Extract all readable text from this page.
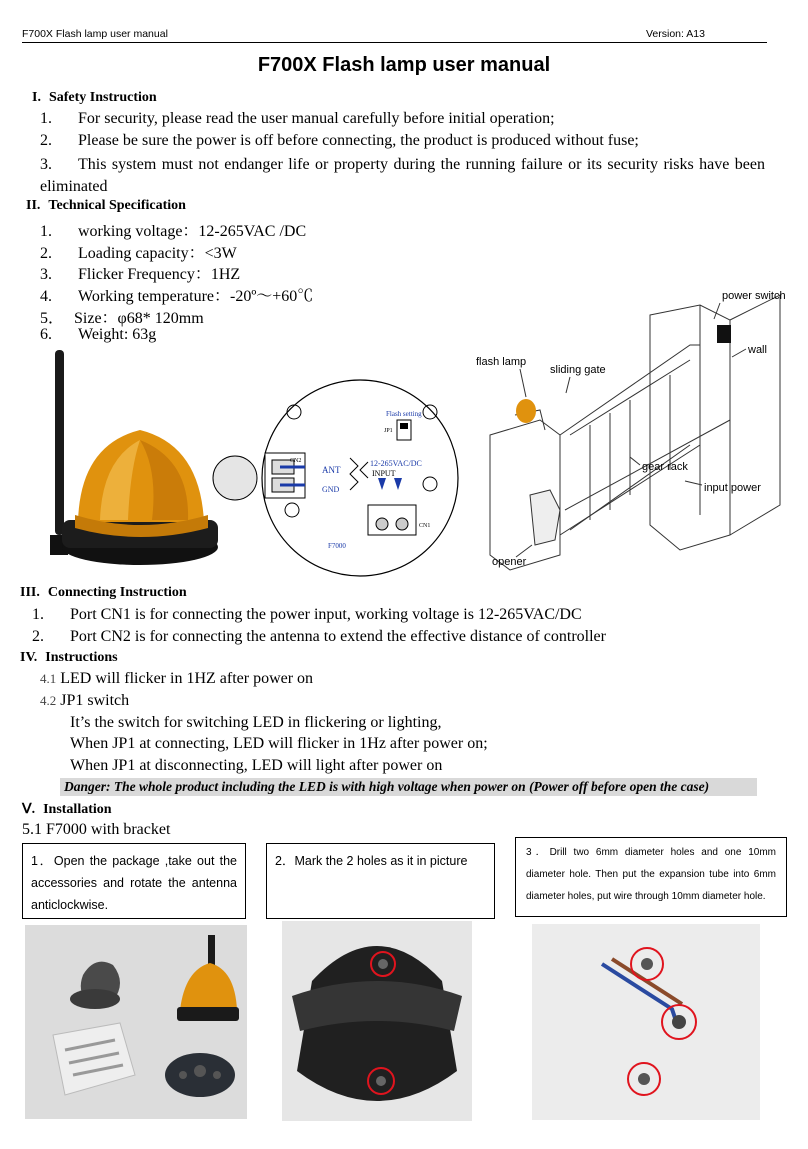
F700X Flash lamp user manual	Version: A13
F700X Flash lamp user manual
I. Safety Instruction
1. For security, please read the user manual carefully before initial operation;
2. Please be sure the power is off before connecting, the product is produced without fuse;
3. This system must not endanger life or property during the running failure or its security risks have been eliminated
II. Technical Specification
1. working voltage：12-265VAC /DC
2. Loading capacity：<3W
3. Flicker Frequency：1HZ
4. Working temperature：-20º～+60℃
5． Size：φ68* 120mm
6. Weight: 63g
Flash setting
JP1
CN2
ANT
GND
12-265VAC/DC
INPUT
CN1
F7000
power switch
wall
flash lamp
sliding gate
gear rack
input power
opener
III. Connecting Instruction
1. Port CN1 is for connecting the power input, working voltage is 12-265VAC/DC
2. Port CN2 is for connecting the antenna to extend the effective distance of controller
IV. Instructions
4.1 LED will flicker in 1HZ after power on
4.2 JP1 switch
It’s the switch for switching LED in flickering or lighting,
When JP1 at connecting, LED will flicker in 1Hz after power on;
When JP1 at disconnecting, LED will light after power on
Danger: The whole product including the LED is with high voltage when power on (Power off before open the case)
Ⅴ. Installation
5.1 F7000 with bracket
1．Open the package ,take out the accessories and rotate the antenna anticlockwise.
2．Mark the 2 holes as it in picture
3．Drill two 6mm diameter holes and one 10mm diameter hole. Then put the expansion tube into 6mm diameter holes, put wire through 10mm diameter hole.
